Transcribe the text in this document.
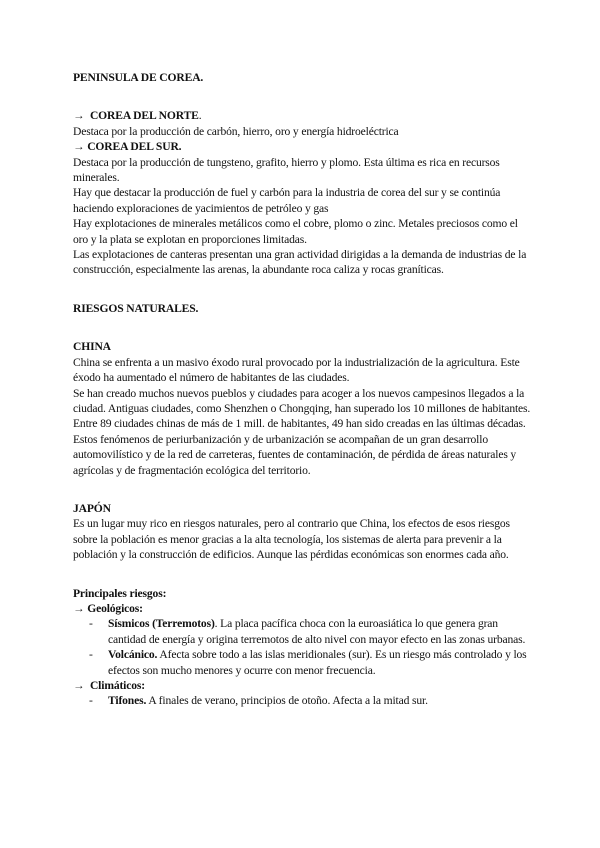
PENINSULA DE COREA.

→ COREA DEL NORTE.

Destaca por la producción de carbón, hierro, oro y energía hidroeléctrica

→ COREA DEL SUR.

Destaca por la producción de tungsteno, grafito, hierro y plomo. Esta última es rica en recursos minerales.

Hay que destacar la producción de fuel y carbón para la industria de corea del sur y se continúa haciendo exploraciones de yacimientos de petróleo y gas

Hay explotaciones de minerales metálicos como el cobre, plomo o zinc. Metales preciosos como el oro y la plata se explotan en proporciones limitadas.

Las explotaciones de canteras presentan una gran actividad dirigidas a la demanda de industrias de la construcción, especialmente las arenas, la abundante roca caliza y rocas graníticas.

RIESGOS NATURALES.

CHINA

China se enfrenta a un masivo éxodo rural provocado por la industrialización de la agricultura. Este éxodo ha aumentado el número de habitantes de las ciudades.

Se han creado muchos nuevos pueblos y ciudades para acoger a los nuevos campesinos llegados a la ciudad. Antiguas ciudades, como Shenzhen o Chongqing, han superado los 10 millones de habitantes. Entre 89 ciudades chinas de más de 1 mill. de habitantes, 49 han sido creadas en las últimas décadas.

Estos fenómenos de periurbanización y de urbanización se acompañan de un gran desarrollo automovilístico y de la red de carreteras, fuentes de contaminación, de pérdida de áreas naturales y agrícolas y de fragmentación ecológica del territorio.

JAPÓN

Es un lugar muy rico en riesgos naturales, pero al contrario que China, los efectos de esos riesgos sobre la población es menor gracias a la alta tecnología, los sistemas de alerta para prevenir a la población y la construcción de edificios. Aunque las pérdidas económicas son enormes cada año.

Principales riesgos:

→ Geológicos:

- Sísmicos (Terremotos). La placa pacífica choca con la euroasiática lo que genera gran cantidad de energía y origina terremotos de alto nivel con mayor efecto en las zonas urbanas.
- Volcánico. Afecta sobre todo a las islas meridionales (sur). Es un riesgo más controlado y los efectos son mucho menores y ocurre con menor frecuencia.

→ Climáticos:

- Tifones. A finales de verano, principios de otoño. Afecta a la mitad sur.
